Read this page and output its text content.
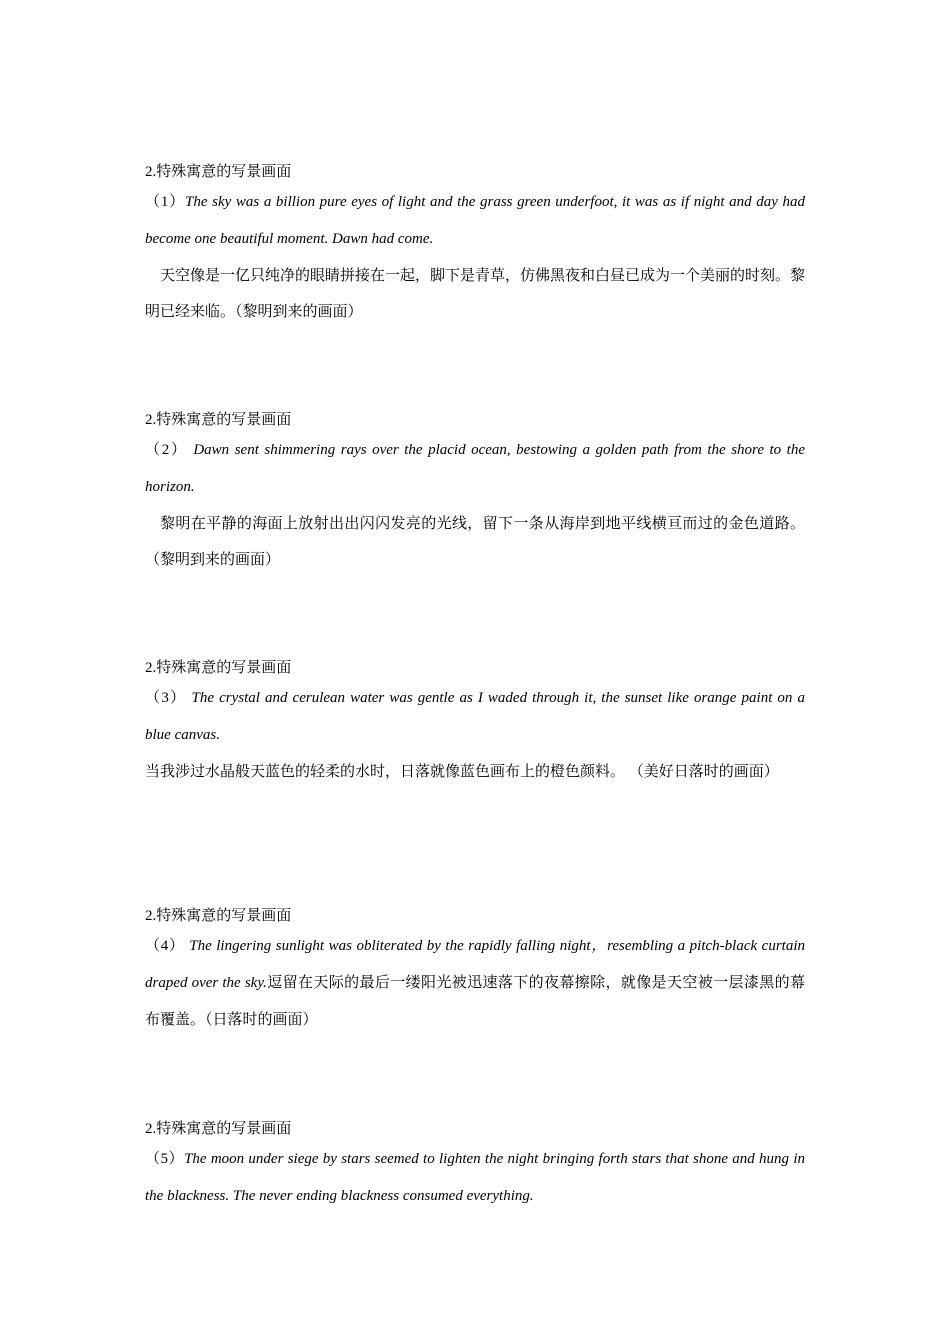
2.特殊寓意的写景画面

（1）The sky was a billion pure eyes of light and the grass green underfoot, it was as if night and day had become one beautiful moment. Dawn had come.

天空像是一亿只纯净的眼睛拼接在一起，脚下是青草，仿佛黑夜和白昼已成为一个美丽的时刻。黎明已经来临。（黎明到来的画面）

2.特殊寓意的写景画面

（2） Dawn sent shimmering rays over the placid ocean, bestowing a golden path from the shore to the horizon.

黎明在平静的海面上放射出出闪闪发亮的光线，留下一条从海岸到地平线横亘而过的金色道路。 （黎明到来的画面）

2.特殊寓意的写景画面

（3） The crystal and cerulean water was gentle as I waded through it, the sunset like orange paint on a blue canvas.

当我涉过水晶般天蓝色的轻柔的水时，日落就像蓝色画布上的橙色颜料。 （美好日落时的画面）

2.特殊寓意的写景画面

（4） The lingering sunlight was obliterated by the rapidly falling night，resembling a pitch-black curtain draped over the sky.逗留在天际的最后一缕阳光被迅速落下的夜幕擦除，就像是天空被一层漆黑的幕布覆盖。（日落时的画面）

2.特殊寓意的写景画面

（5）The moon under siege by stars seemed to lighten the night bringing forth stars that shone and hung in the blackness. The never ending blackness consumed everything.
